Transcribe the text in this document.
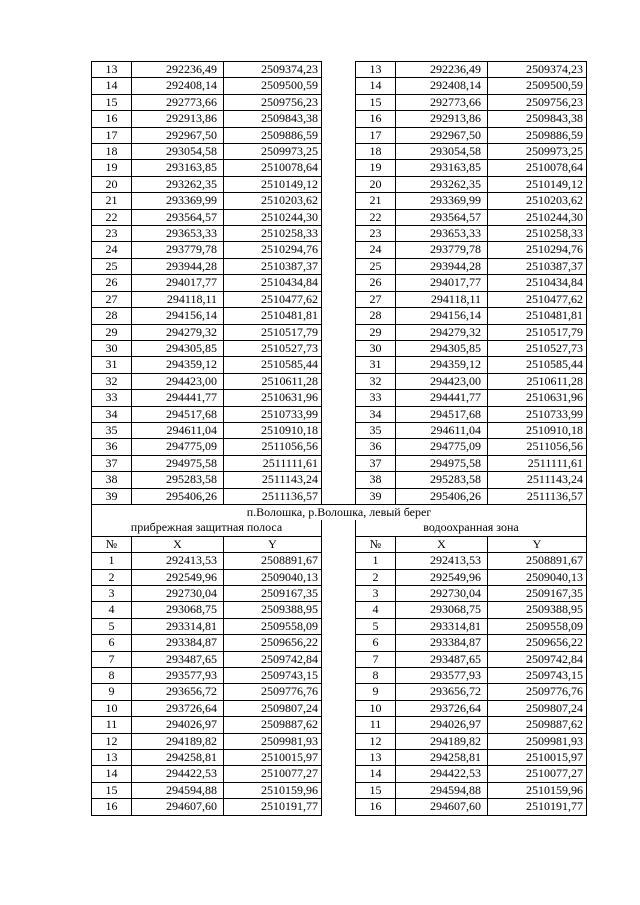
13	292236,49	2509374,23		13	292236,49	2509374,23
14	292408,14	2509500,59		14	292408,14	2509500,59
15	292773,66	2509756,23		15	292773,66	2509756,23
16	292913,86	2509843,38		16	292913,86	2509843,38
17	292967,50	2509886,59		17	292967,50	2509886,59
18	293054,58	2509973,25		18	293054,58	2509973,25
19	293163,85	2510078,64		19	293163,85	2510078,64
20	293262,35	2510149,12		20	293262,35	2510149,12
21	293369,99	2510203,62		21	293369,99	2510203,62
22	293564,57	2510244,30		22	293564,57	2510244,30
23	293653,33	2510258,33		23	293653,33	2510258,33
24	293779,78	2510294,76		24	293779,78	2510294,76
25	293944,28	2510387,37		25	293944,28	2510387,37
26	294017,77	2510434,84		26	294017,77	2510434,84
27	294118,11	2510477,62		27	294118,11	2510477,62
28	294156,14	2510481,81		28	294156,14	2510481,81
29	294279,32	2510517,79		29	294279,32	2510517,79
30	294305,85	2510527,73		30	294305,85	2510527,73
31	294359,12	2510585,44		31	294359,12	2510585,44
32	294423,00	2510611,28		32	294423,00	2510611,28
33	294441,77	2510631,96		33	294441,77	2510631,96
34	294517,68	2510733,99		34	294517,68	2510733,99
35	294611,04	2510910,18		35	294611,04	2510910,18
36	294775,09	2511056,56		36	294775,09	2511056,56
37	294975,58	2511111,61		37	294975,58	2511111,61
38	295283,58	2511143,24		38	295283,58	2511143,24
39	295406,26	2511136,57		39	295406,26	2511136,57
п.Волошка, р.Волошка, левый берег						
прибрежная защитная полоса				водоохранная зона		
№	X	Y		№	X	Y
1	292413,53	2508891,67		1	292413,53	2508891,67
2	292549,96	2509040,13		2	292549,96	2509040,13
3	292730,04	2509167,35		3	292730,04	2509167,35
4	293068,75	2509388,95		4	293068,75	2509388,95
5	293314,81	2509558,09		5	293314,81	2509558,09
6	293384,87	2509656,22		6	293384,87	2509656,22
7	293487,65	2509742,84		7	293487,65	2509742,84
8	293577,93	2509743,15		8	293577,93	2509743,15
9	293656,72	2509776,76		9	293656,72	2509776,76
10	293726,64	2509807,24		10	293726,64	2509807,24
11	294026,97	2509887,62		11	294026,97	2509887,62
12	294189,82	2509981,93		12	294189,82	2509981,93
13	294258,81	2510015,97		13	294258,81	2510015,97
14	294422,53	2510077,27		14	294422,53	2510077,27
15	294594,88	2510159,96		15	294594,88	2510159,96
16	294607,60	2510191,77		16	294607,60	2510191,77
